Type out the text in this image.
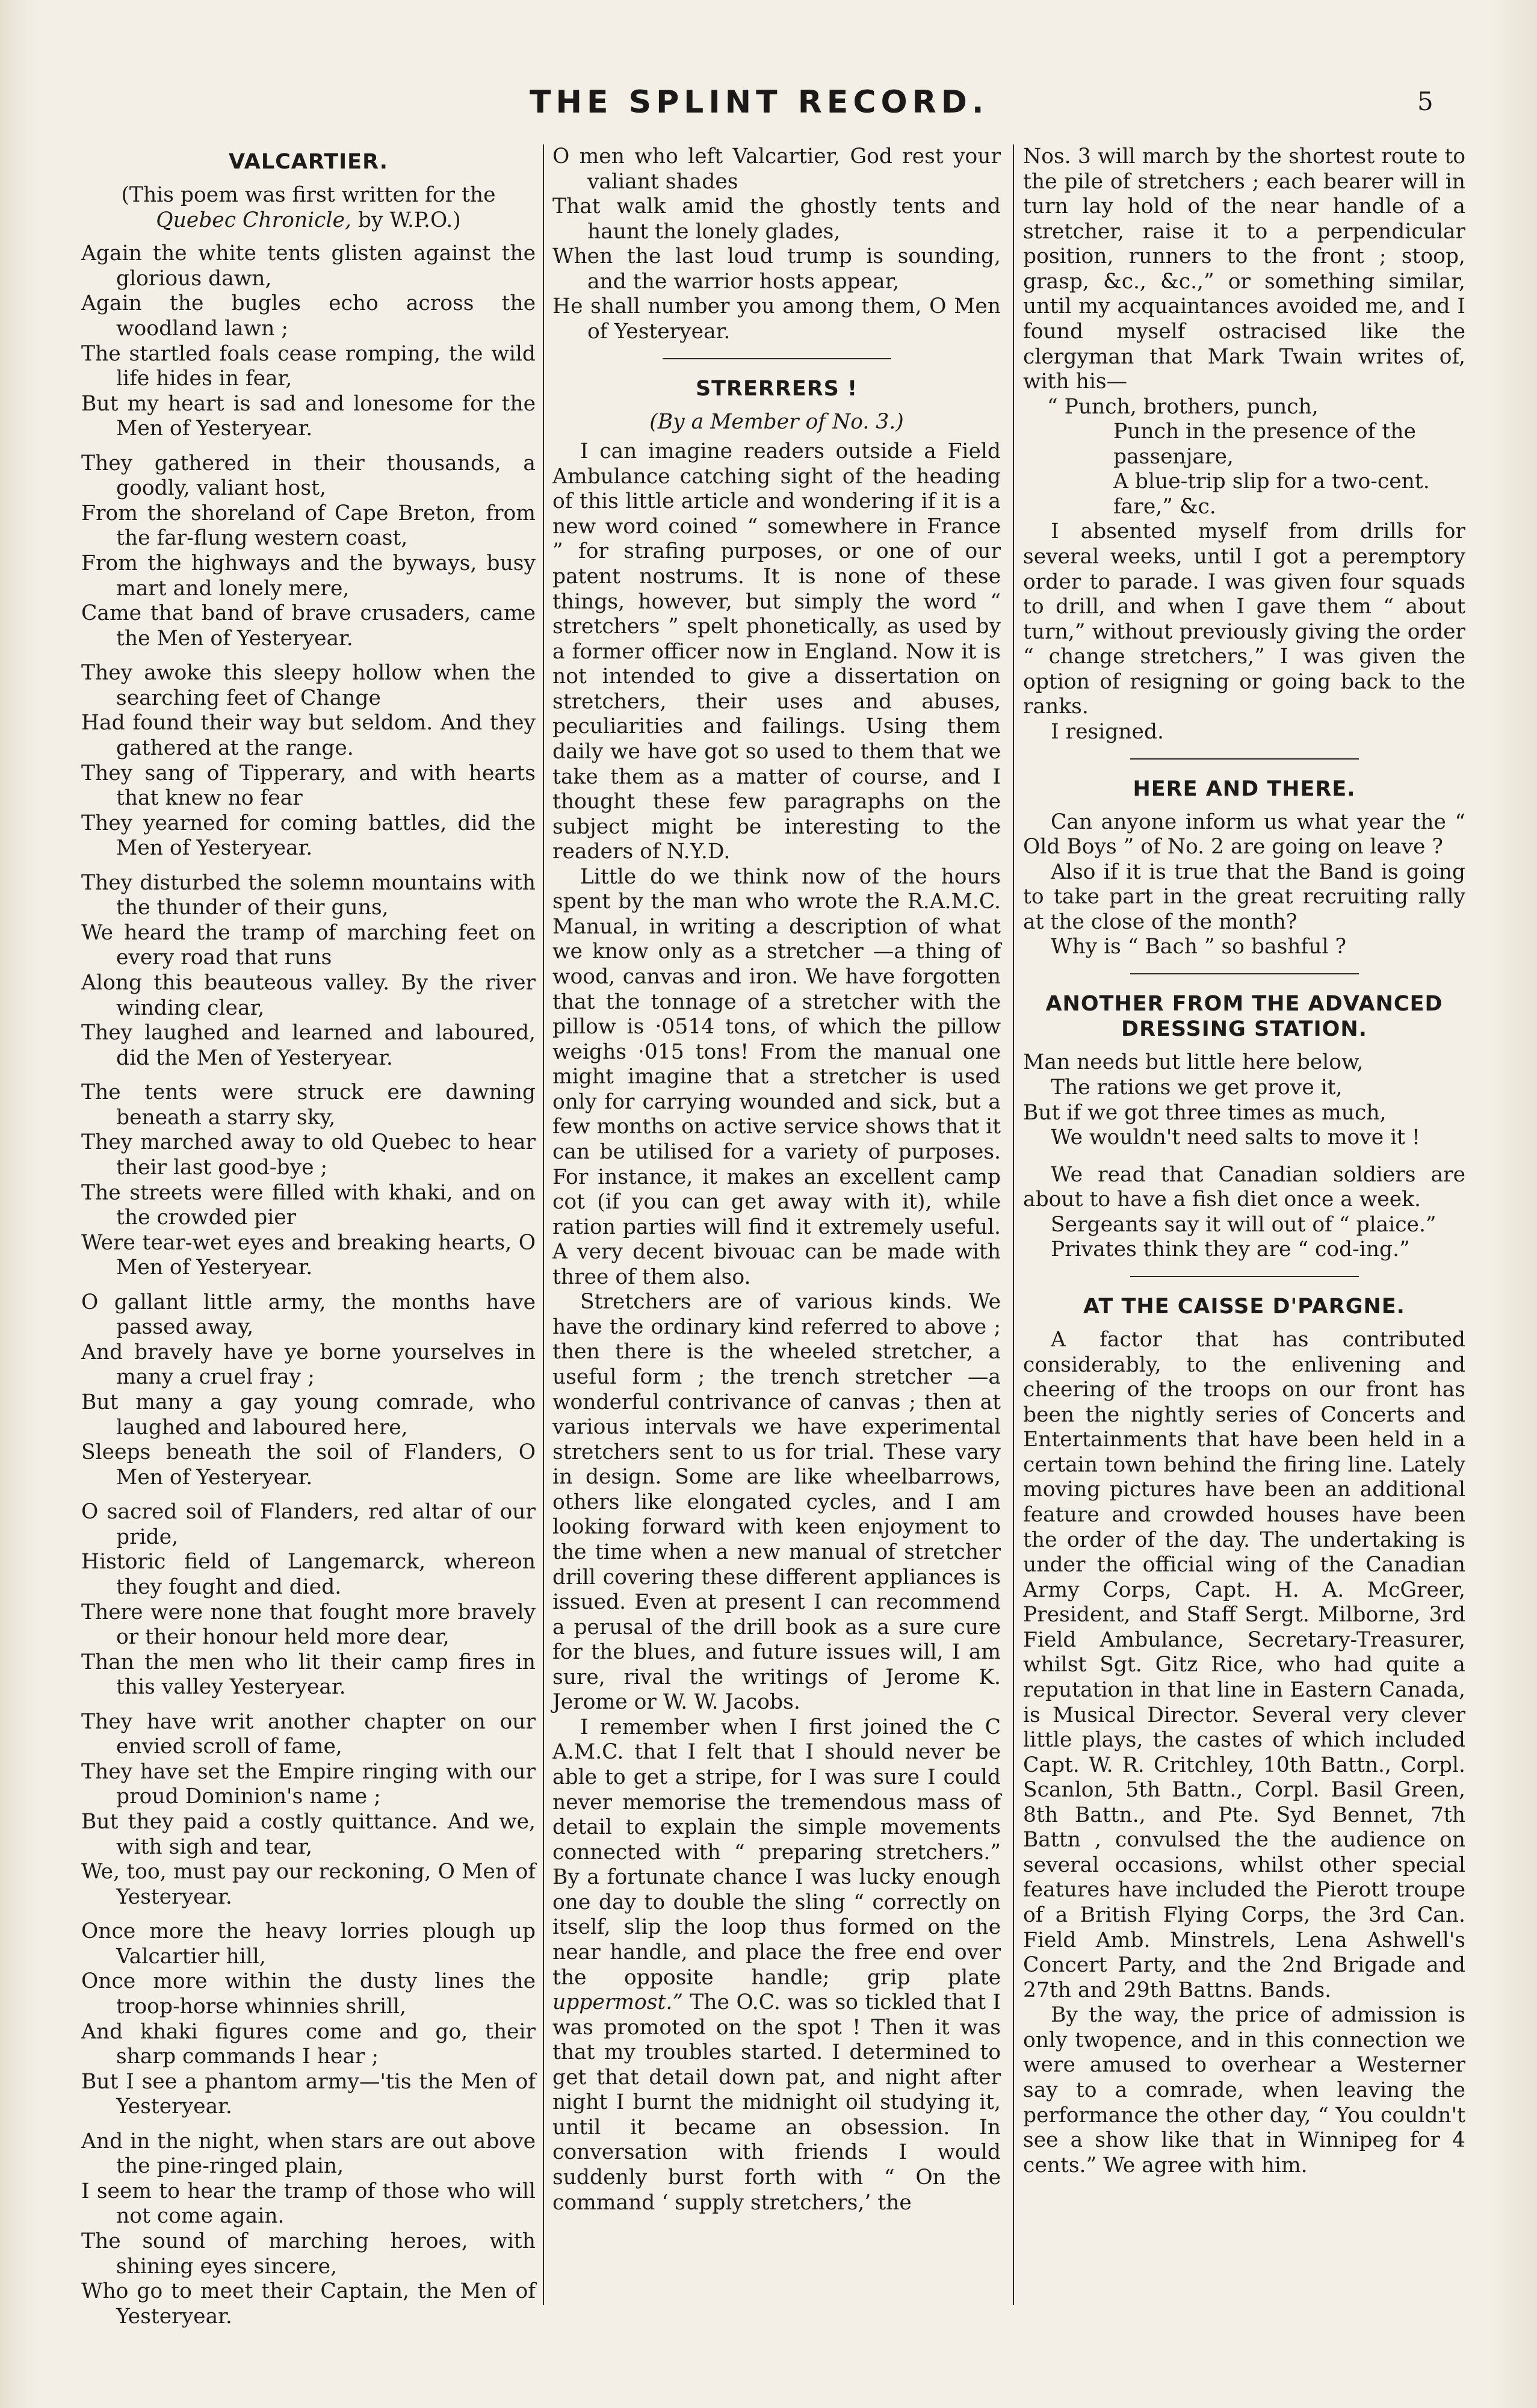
THE SPLINT RECORD.	5

VALCARTIER.

(This poem was first written for the

Quebec Chronicle, by W.P.O.)

Again the white tents glisten against the glorious dawn,

Again the bugles echo across the woodland lawn ;

The startled foals cease romping, the wild life hides in fear,

But my heart is sad and lonesome for the Men of Yesteryear.

They gathered in their thousands, a goodly, valiant host,

From the shoreland of Cape Breton, from the far-flung western coast,

From the highways and the byways, busy mart and lonely mere,

Came that band of brave crusaders, came the Men of Yesteryear.

They awoke this sleepy hollow when the searching feet of Change

Had found their way but seldom. And they gathered at the range.

They sang of Tipperary, and with hearts that knew no fear

They yearned for coming battles, did the Men of Yesteryear.

They disturbed the solemn mountains with the thunder of their guns,

We heard the tramp of marching feet on every road that runs

Along this beauteous valley. By the river winding clear,

They laughed and learned and laboured, did the Men of Yesteryear.

The tents were struck ere dawning beneath a starry sky,

They marched away to old Quebec to hear their last good-bye ;

The streets were filled with khaki, and on the crowded pier

Were tear-wet eyes and breaking hearts, O Men of Yesteryear.

O gallant little army, the months have passed away,

And bravely have ye borne yourselves in many a cruel fray ;

But many a gay young comrade, who laughed and laboured here,

Sleeps beneath the soil of Flanders, O Men of Yesteryear.

O sacred soil of Flanders, red altar of our pride,

Historic field of Langemarck, whereon they fought and died.

There were none that fought more bravely or their honour held more dear,

Than the men who lit their camp fires in this valley Yesteryear.

They have writ another chapter on our envied scroll of fame,

They have set the Empire ringing with our proud Dominion's name ;

But they paid a costly quittance. And we, with sigh and tear,

We, too, must pay our reckoning, O Men of Yesteryear.

Once more the heavy lorries plough up Valcartier hill,

Once more within the dusty lines the troop-horse whinnies shrill,

And khaki figures come and go, their sharp commands I hear ;

But I see a phantom army—'tis the Men of Yesteryear.

And in the night, when stars are out above the pine-ringed plain,

I seem to hear the tramp of those who will not come again.

The sound of marching heroes, with shining eyes sincere,

Who go to meet their Captain, the Men of Yesteryear.

O men who left Valcartier, God rest your valiant shades

That walk amid the ghostly tents and haunt the lonely glades,

When the last loud trump is sounding, and the warrior hosts appear,

He shall number you among them, O Men of Yesteryear.

STRERRERS !

(By a Member of No. 3.)

I can imagine readers outside a Field Ambulance catching sight of the heading of this little article and wondering if it is a new word coined “ somewhere in France ” for strafing purposes, or one of our patent nostrums. It is none of these things, however, but simply the word “ stretchers ” spelt phonetically, as used by a former officer now in England. Now it is not intended to give a dissertation on stretchers, their uses and abuses, peculiarities and failings. Using them daily we have got so used to them that we take them as a matter of course, and I thought these few paragraphs on the subject might be interesting to the readers of N.Y.D.

Little do we think now of the hours spent by the man who wrote the R.A.M.C. Manual, in writing a description of what we know only as a stretcher —a thing of wood, canvas and iron. We have forgotten that the tonnage of a stretcher with the pillow is ·0514 tons, of which the pillow weighs ·015 tons! From the manual one might imagine that a stretcher is used only for carrying wounded and sick, but a few months on active service shows that it can be utilised for a variety of purposes. For instance, it makes an excellent camp cot (if you can get away with it), while ration parties will find it extremely useful. A very decent bivouac can be made with three of them also.

Stretchers are of various kinds. We have the ordinary kind referred to above ; then there is the wheeled stretcher, a useful form ; the trench stretcher —a wonderful contrivance of canvas ; then at various intervals we have experimental stretchers sent to us for trial. These vary in design. Some are like wheelbarrows, others like elongated cycles, and I am looking forward with keen enjoyment to the time when a new manual of stretcher drill covering these different appliances is issued. Even at present I can recommend a perusal of the drill book as a sure cure for the blues, and future issues will, I am sure, rival the writings of Jerome K. Jerome or W. W. Jacobs.

I remember when I first joined the C A.M.C. that I felt that I should never be able to get a stripe, for I was sure I could never memorise the tremendous mass of detail to explain the simple movements connected with “ preparing stretchers.” By a fortunate chance I was lucky enough one day to double the sling “ correctly on itself, slip the loop thus formed on the near handle, and place the free end over the opposite handle; grip plate uppermost.” The O.C. was so tickled that I was promoted on the spot ! Then it was that my troubles started. I determined to get that detail down pat, and night after night I burnt the midnight oil studying it, until it became an obsession. In conversation with friends I would suddenly burst forth with “ On the command ‘ supply stretchers,’ the

Nos. 3 will march by the shortest route to the pile of stretchers ; each bearer will in turn lay hold of the near handle of a stretcher, raise it to a perpendicular position, runners to the front ; stoop, grasp, &c., &c.,” or something similar, until my acquaintances avoided me, and I found myself ostracised like the clergyman that Mark Twain writes of, with his—

“ Punch, brothers, punch,

Punch in the presence of the passenjare,

A blue-trip slip for a two-cent. fare,” &c.

I absented myself from drills for several weeks, until I got a peremptory order to parade. I was given four squads to drill, and when I gave them “ about turn,” without previously giving the order “ change stretchers,” I was given the option of resigning or going back to the ranks.

I resigned.

HERE AND THERE.

Can anyone inform us what year the “ Old Boys ” of No. 2 are going on leave ?

Also if it is true that the Band is going to take part in the great recruiting rally at the close of the month?

Why is “ Bach ” so bashful ?

ANOTHER FROM THE ADVANCED DRESSING STATION.

Man needs but little here below,

The rations we get prove it,

But if we got three times as much,

We wouldn't need salts to move it !

We read that Canadian soldiers are about to have a fish diet once a week.

Sergeants say it will out of “ plaice.”

Privates think they are “ cod-ing.”

AT THE CAISSE D'PARGNE.

A factor that has contributed considerably, to the enlivening and cheering of the troops on our front has been the nightly series of Concerts and Entertainments that have been held in a certain town behind the firing line. Lately moving pictures have been an additional feature and crowded houses have been the order of the day. The undertaking is under the official wing of the Canadian Army Corps, Capt. H. A. McGreer, President, and Staff Sergt. Milborne, 3rd Field Ambulance, Secretary-Treasurer, whilst Sgt. Gitz Rice, who had quite a reputation in that line in Eastern Canada, is Musical Director. Several very clever little plays, the castes of which included Capt. W. R. Critchley, 10th Battn., Corpl. Scanlon, 5th Battn., Corpl. Basil Green, 8th Battn., and Pte. Syd Bennet, 7th Battn , convulsed the the audience on several occasions, whilst other special features have included the Pierott troupe of a British Flying Corps, the 3rd Can. Field Amb. Minstrels, Lena Ashwell's Concert Party, and the 2nd Brigade and 27th and 29th Battns. Bands.

By the way, the price of admission is only twopence, and in this connection we were amused to overhear a Westerner say to a comrade, when leaving the performance the other day, “ You couldn't see a show like that in Winnipeg for 4 cents.” We agree with him.
